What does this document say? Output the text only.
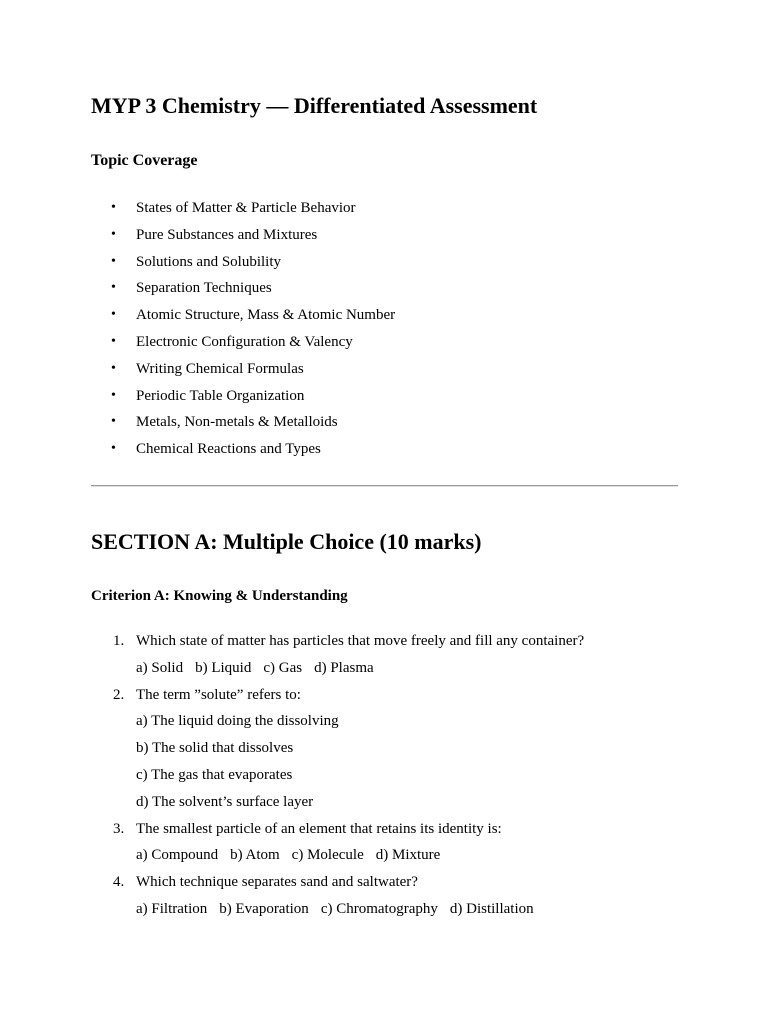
MYP 3 Chemistry — Differentiated Assessment
Topic Coverage
• States of Matter & Particle Behavior
• Pure Substances and Mixtures
• Solutions and Solubility
• Separation Techniques
• Atomic Structure, Mass & Atomic Number
• Electronic Configuration & Valency
• Writing Chemical Formulas
• Periodic Table Organization
• Metals, Non-metals & Metalloids
• Chemical Reactions and Types
SECTION A: Multiple Choice (10 marks)
Criterion A: Knowing & Understanding
1. Which state of matter has particles that move freely and fill any container?
a) Solid b) Liquid c) Gas d) Plasma
2. The term ”solute” refers to:
a) The liquid doing the dissolving
b) The solid that dissolves
c) The gas that evaporates
d) The solvent’s surface layer
3. The smallest particle of an element that retains its identity is:
a) Compound b) Atom c) Molecule d) Mixture
4. Which technique separates sand and saltwater?
a) Filtration b) Evaporation c) Chromatography d) Distillation
